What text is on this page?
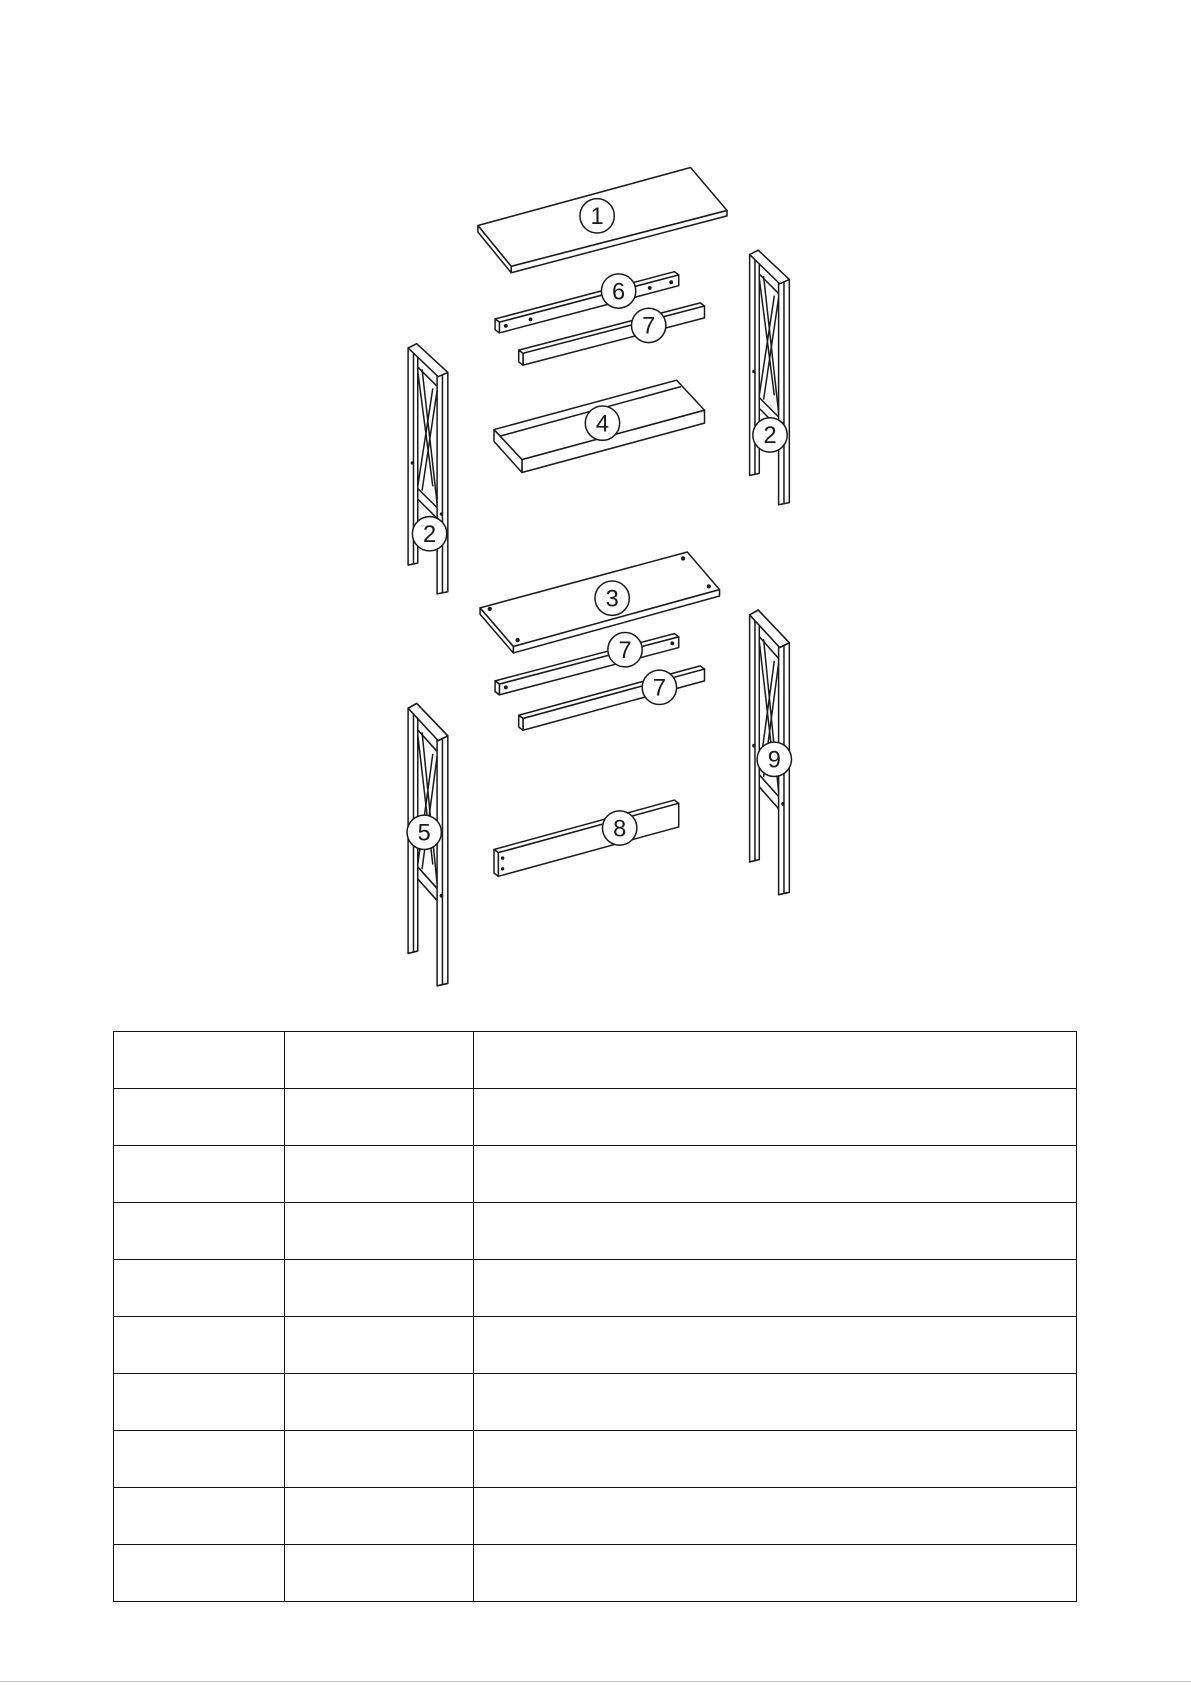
1
6
7
4	2
2
3
7
7
9
5	8
